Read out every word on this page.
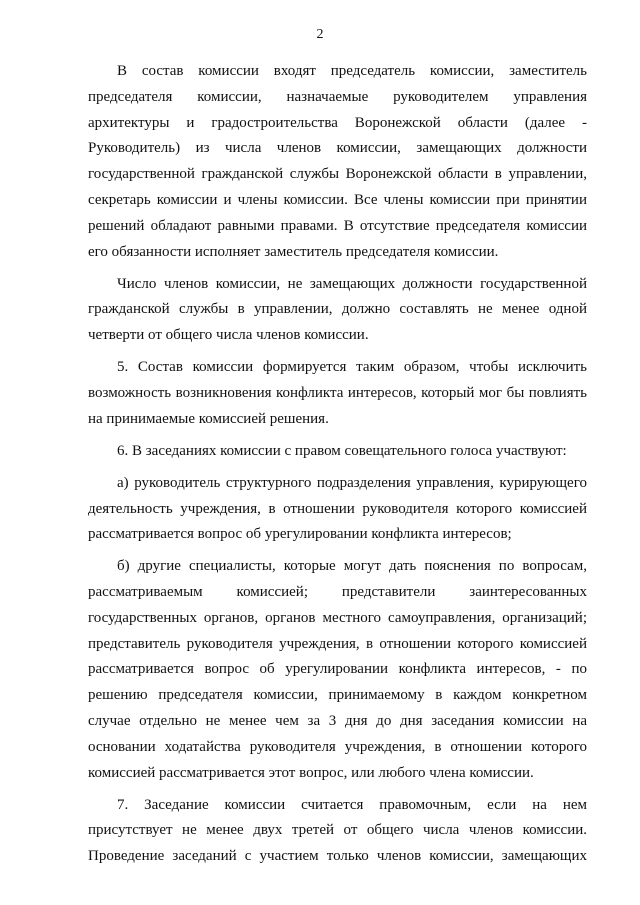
2
В состав комиссии входят председатель комиссии, заместитель
председателя комиссии, назначаемые руководителем управления
архитектуры и градостроительства Воронежской области (далее -
Руководитель) из числа членов комиссии, замещающих должности
государственной гражданской службы Воронежской области в управлении,
секретарь комиссии и члены комиссии. Все члены комиссии при принятии
решений обладают равными правами. В отсутствие председателя комиссии
его обязанности исполняет заместитель председателя комиссии.
Число членов комиссии, не замещающих должности государственной
гражданской службы в управлении, должно составлять не менее одной
четверти от общего числа членов комиссии.
5. Состав комиссии формируется таким образом, чтобы исключить
возможность возникновения конфликта интересов, который мог бы повлиять
на принимаемые комиссией решения.
6. В заседаниях комиссии с правом совещательного голоса участвуют:
а) руководитель структурного подразделения управления, курирующего
деятельность учреждения, в отношении руководителя которого комиссией
рассматривается вопрос об урегулировании конфликта интересов;
б) другие специалисты, которые могут дать пояснения по вопросам,
рассматриваемым комиссией; представители заинтересованных
государственных органов, органов местного самоуправления, организаций;
представитель руководителя учреждения, в отношении которого комиссией
рассматривается вопрос об урегулировании конфликта интересов, - по
решению председателя комиссии, принимаемому в каждом конкретном
случае отдельно не менее чем за 3 дня до дня заседания комиссии на
основании ходатайства руководителя учреждения, в отношении которого
комиссией рассматривается этот вопрос, или любого члена комиссии.
7. Заседание комиссии считается правомочным, если на нем
присутствует не менее двух третей от общего числа членов комиссии.
Проведение заседаний с участием только членов комиссии, замещающих
